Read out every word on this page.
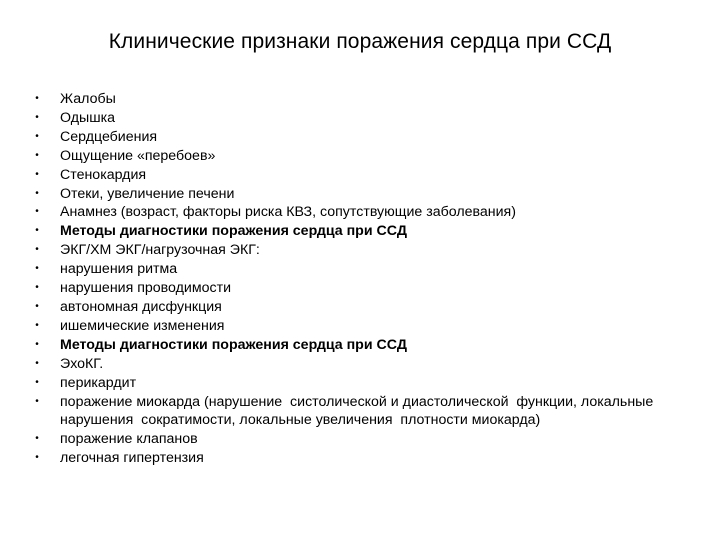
Клинические признаки поражения сердца при ССД
• Жалобы
• Одышка
• Сердцебиения
• Ощущение «перебоев»
• Стенокардия
• Отеки, увеличение печени
• Анамнез (возраст, факторы риска КВЗ, сопутствующие заболевания)
• Методы диагностики поражения сердца при ССД
• ЭКГ/ХМ ЭКГ/нагрузочная ЭКГ:
• нарушения ритма
• нарушения проводимости
• автономная дисфункция
• ишемические изменения
• Методы диагностики поражения сердца при ССД
• ЭхоКГ.
• перикардит
• поражение миокарда (нарушение  систолической и диастолической  функции, локальные нарушения  сократимости, локальные увеличения  плотности миокарда)
• поражение клапанов
• легочная гипертензия
